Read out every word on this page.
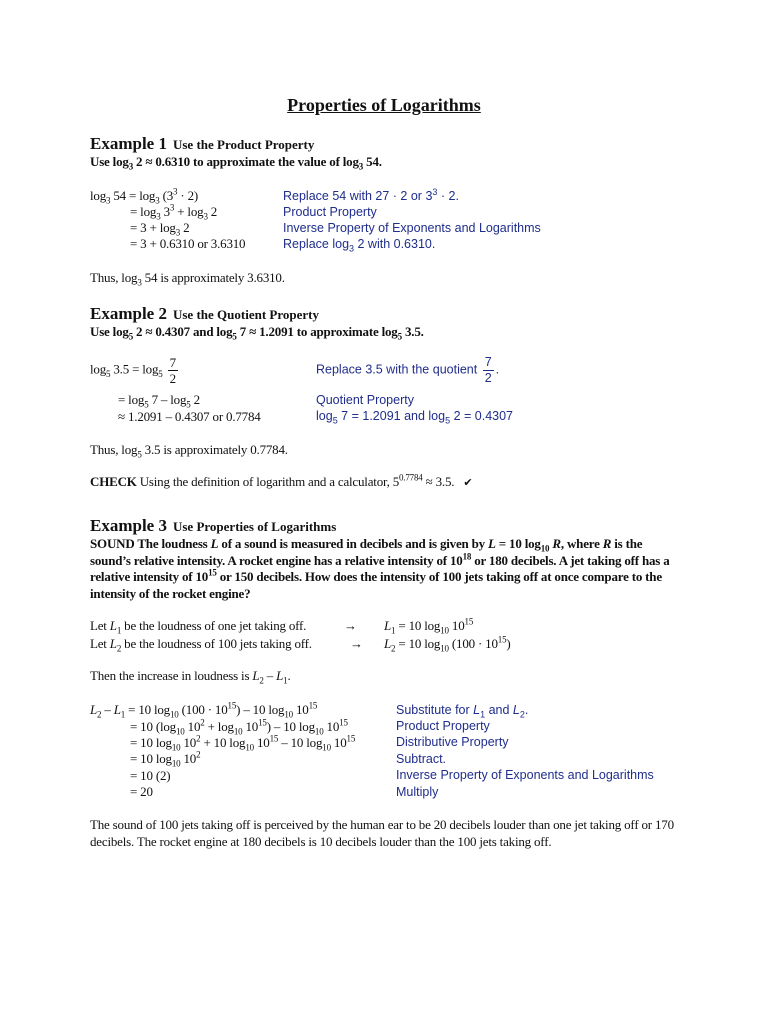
Properties of Logarithms
Example 1 Use the Product Property
Use $\log_3 2 \approx 0.6310$ to approximate the value of $\log_3 54$.
$\log_3 54 = \log_3 (3^3 \cdot 2)$
= $\log_3 3^3 + \log_3 2$
= $3 + \log_3 2$
= 3 + 0.6310 or 3.6310
Replace 54 with 27 · 2 or $3^3 \cdot 2$.
Product Property
Inverse Property of Exponents and Logarithms
Replace $\log_3 2$ with 0.6310.
Thus, $\log_3 54$ is approximately 3.6310.
Example 2 Use the Quotient Property
Use $\log_5 2 \approx 0.4307$ and $\log_5 7 \approx 1.2091$ to approximate $\log_5 3.5$.
$\log_5 3.5 = \log_5 \frac{7}{2}$
= $\log_5 7 - \log_5 2$
≈ 1.2091 – 0.4307 or 0.7784
Replace 3.5 with the quotient $\frac{7}{2}$ .
Quotient Property
$\log_5 7 = 1.2091$ and $\log_5 2 = 0.4307$
Thus, $\log_5 3.5$ is approximately 0.7784.
CHECK Using the definition of logarithm and a calculator, $5^{0.7784} \approx 3.5$. ✔
Example 3 Use Properties of Logarithms
SOUND The loudness L of a sound is measured in decibels and is given by L = 10 $\log_{10} R$, where R is the sound’s relative intensity. A rocket engine has a relative intensity of $10^{18}$ or 180 decibels. A jet taking off has a relative intensity of $10^{15}$ or 150 decibels. How does the intensity of 100 jets taking off at once compare to the intensity of the rocket engine?
Let $L_1$ be the loudness of one jet taking off.	→ $L_1 = 10$ $\log_{10} 10^{15}$
Let $L_2$ be the loudness of 100 jets taking off.	→ $L_2 = 10$ $\log_{10} (100 \cdot 10^{15})$
Then the increase in loudness is $L_2 - L_1$.
$L_2 - L_1 = 10$ $\log_{10} (100 \cdot 10^{15}) - 10$ $\log_{10} 10^{15}$
= 10 ($\log_{10}$ $10^2 + \log_{10} 10^{15}) - 10$ $\log_{10} 10^{15}$
= 10 $\log_{10} 10^2 + 10$ $\log_{10} 10^{15} - 10$ $\log_{10} 10^{15}$
= 10 $\log_{10} 10^2$
= 10 (2)
= 20
Substitute for $L_1$ and $L_2$.
Product Property
Distributive Property
Subtract.
Inverse Property of Exponents and Logarithms
Multiply
The sound of 100 jets taking off is perceived by the human ear to be 20 decibels louder than one jet taking off or 170 decibels. The rocket engine at 180 decibels is 10 decibels louder than the 100 jets taking off.
